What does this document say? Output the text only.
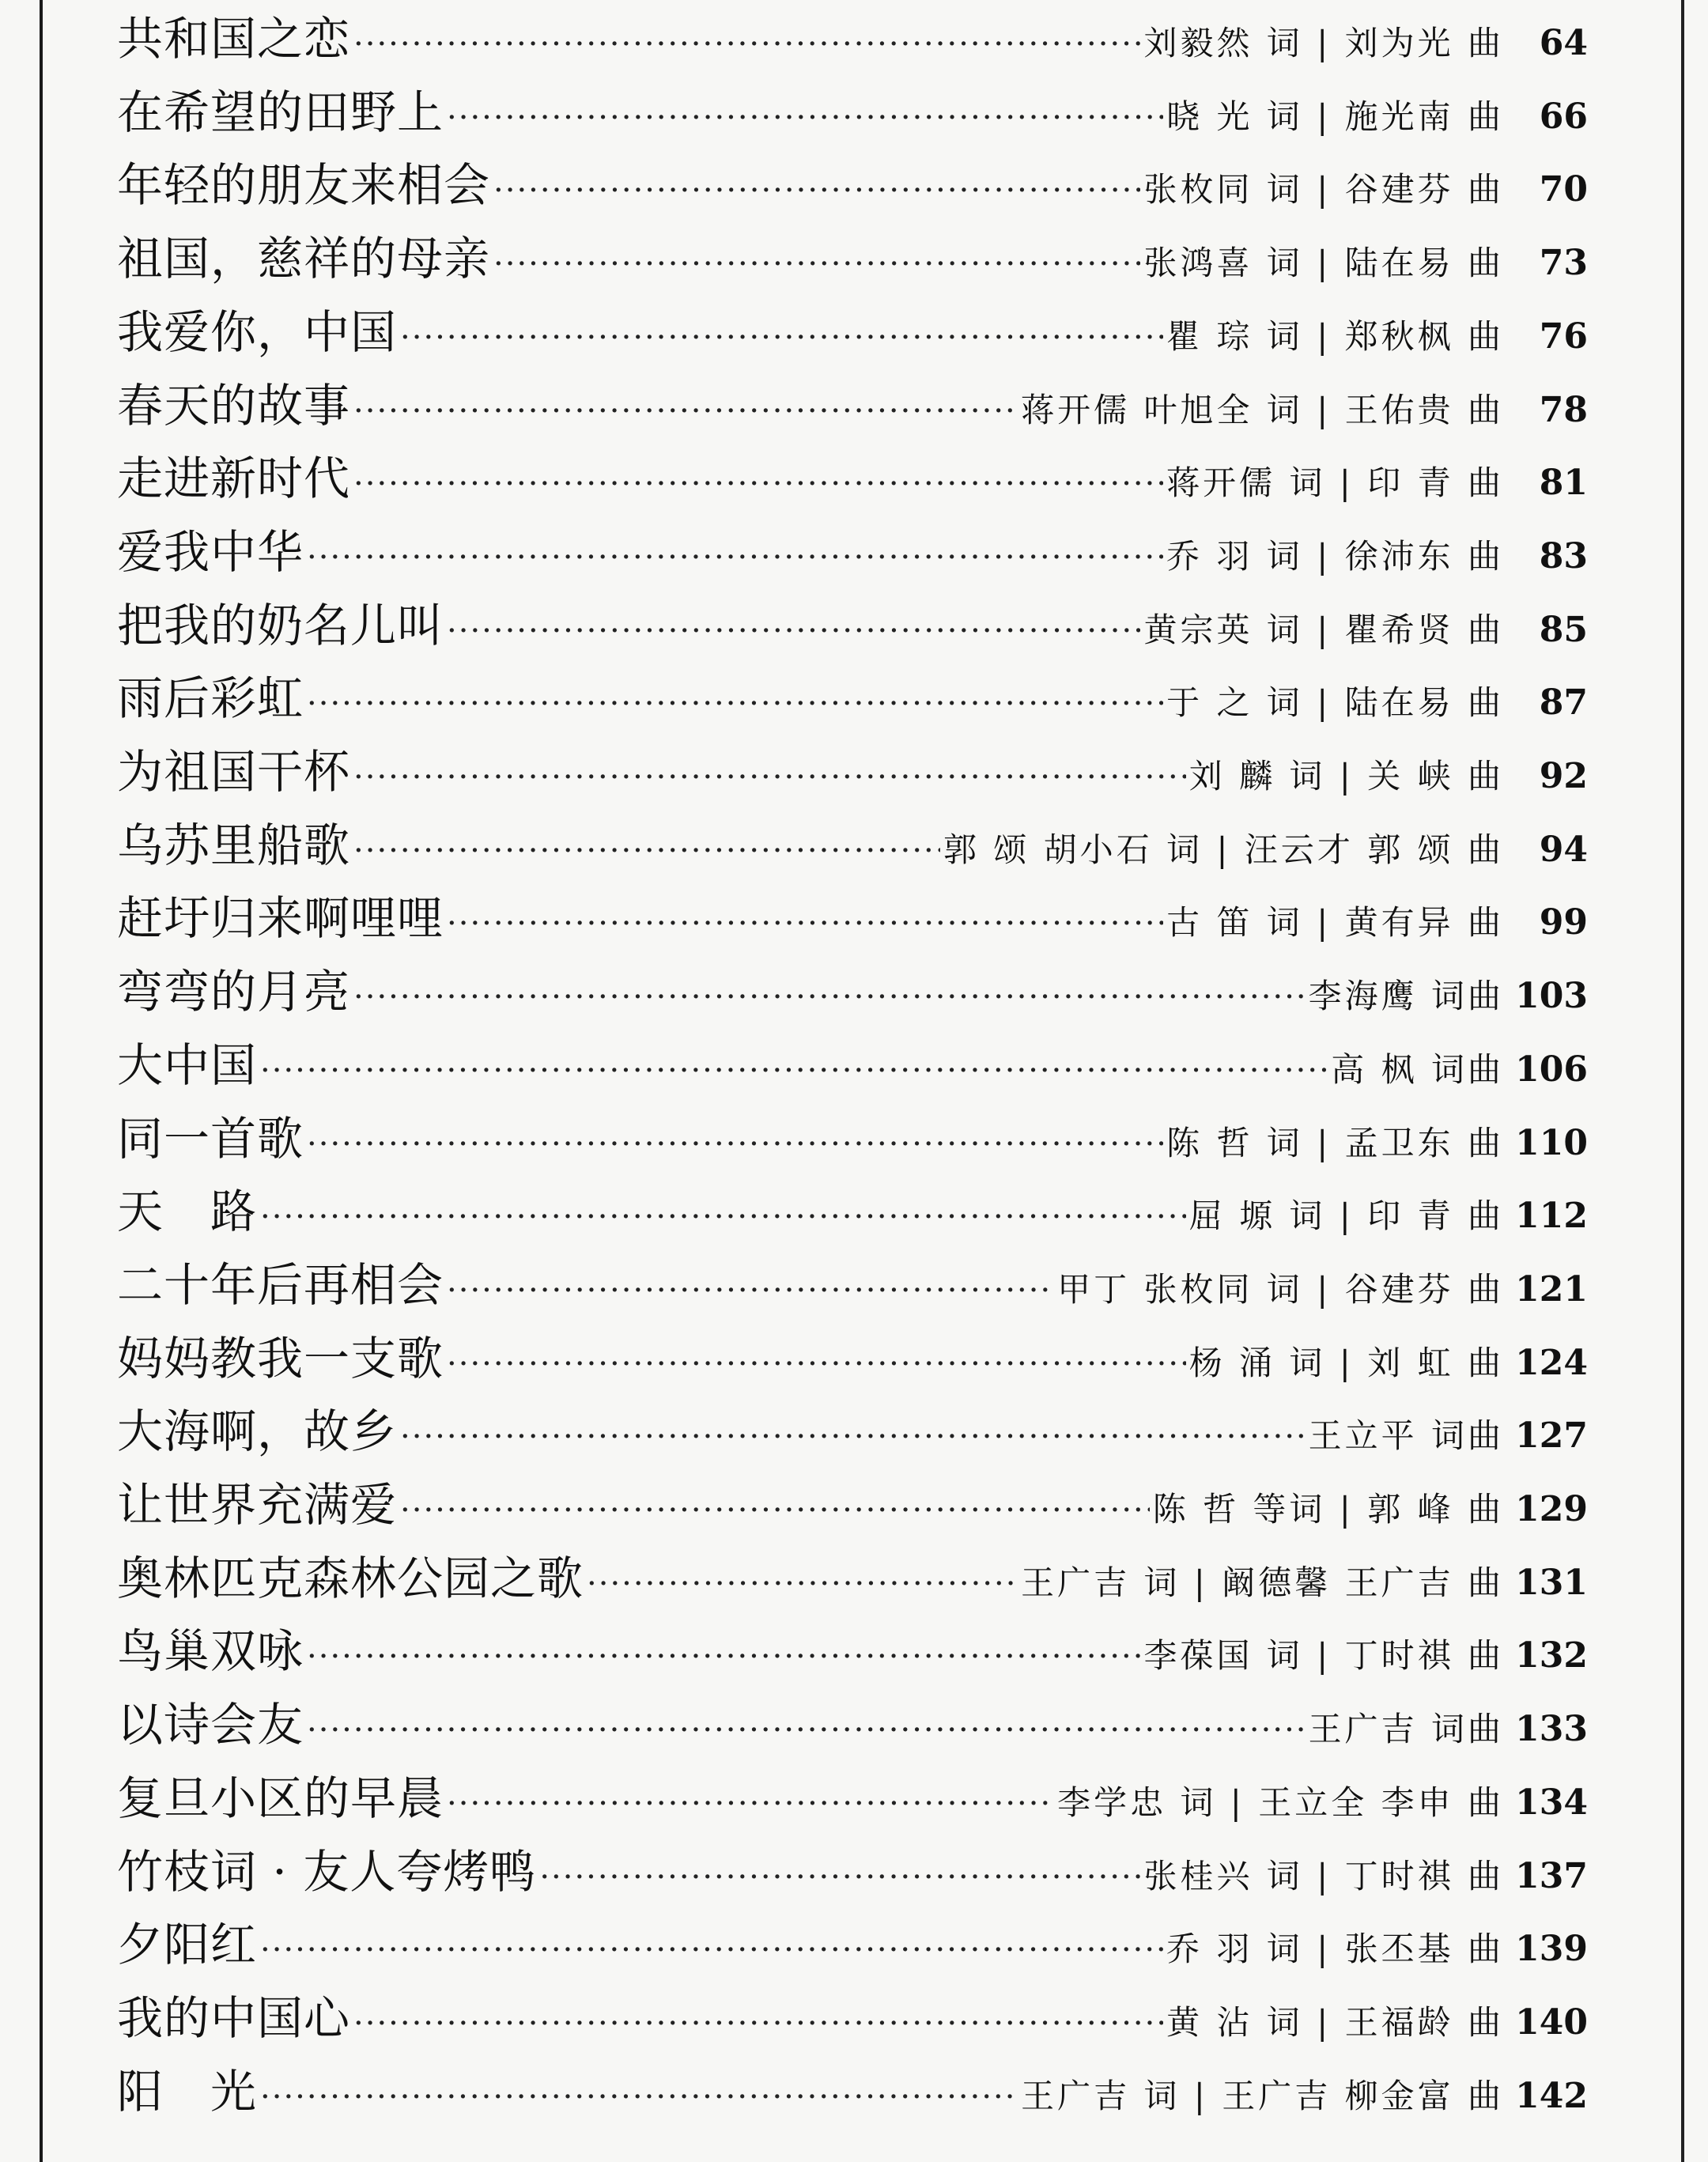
共和国之恋 ·····	刘毅然 词 | 刘为光 曲	64
在希望的田野上 ·····	晓 光 词 | 施光南 曲	66
年轻的朋友来相会 ·····	张枚同 词 | 谷建芬 曲	70
祖国，慈祥的母亲 ·····	张鸿喜 词 | 陆在易 曲	73
我爱你，中国 ·····	瞿 琮 词 | 郑秋枫 曲	76
春天的故事 ·····	蒋开儒 叶旭全 词 | 王佑贵 曲	78
走进新时代 ·····	蒋开儒 词 | 印 青 曲	81
爱我中华 ·····	乔 羽 词 | 徐沛东 曲	83
把我的奶名儿叫 ·····	黄宗英 词 | 瞿希贤 曲	85
雨后彩虹 ·····	于 之 词 | 陆在易 曲	87
为祖国干杯 ·····	刘 麟 词 | 关 峡 曲	92
乌苏里船歌 ·····	郭 颂 胡小石 词 | 汪云才 郭 颂 曲	94
赶圩归来啊哩哩 ·····	古 笛 词 | 黄有异 曲	99
弯弯的月亮 ·····	李海鹰 词曲 103
大中国 ·····	高 枫 词曲 106
同一首歌 ·····	陈 哲 词 | 孟卫东 曲 110
天　路 ·····	屈 塬 词 | 印 青 曲 112
二十年后再相会 ·····	甲丁 张枚同 词 | 谷建芬 曲 121
妈妈教我一支歌 ·····	杨 涌 词 | 刘 虹 曲 124
大海啊，故乡 ·····	王立平 词曲 127
让世界充满爱 ·····	陈 哲 等词 | 郭 峰 曲 129
奥林匹克森林公园之歌 ·····	王广吉 词 | 阚德馨 王广吉 曲 131
鸟巢双咏 ·····	李葆国 词 | 丁时祺 曲 132
以诗会友 ·····	王广吉 词曲 133
复旦小区的早晨 ·····	李学忠 词 | 王立全 李申 曲 134
竹枝词 · 友人夸烤鸭 ·····	张桂兴 词 | 丁时祺 曲 137
夕阳红 ·····	乔 羽 词 | 张丕基 曲 139
我的中国心 ·····	黄 沾 词 | 王福龄 曲 140
阳　光 ·····	王广吉 词 | 王广吉 柳金富 曲 142
